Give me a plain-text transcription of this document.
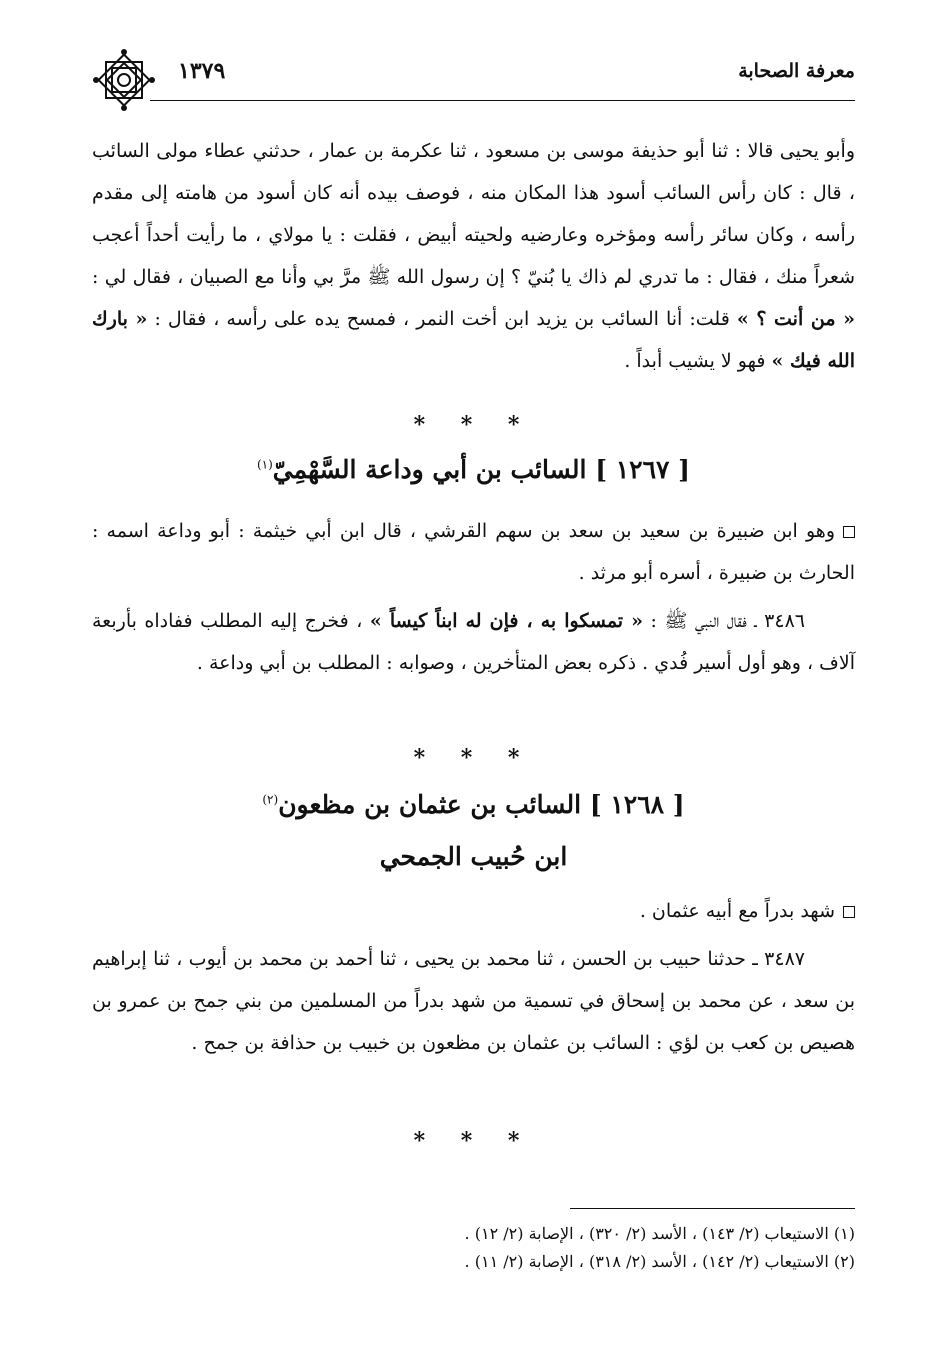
معرفة الصحابة
١٣٧٩

وأبو يحيى قالا : ثنا أبو حذيفة موسى بن مسعود ، ثنا عكرمة بن عمار ، حدثني عطاء مولى السائب ، قال : كان رأس السائب أسود هذا المكان منه ، فوصف بيده أنه كان أسود من هامته إلى مقدم رأسه ، وكان سائر رأسه ومؤخره وعارضيه ولحيته أبيض ، فقلت : يا مولاي ، ما رأيت أحداً أعجب شعراً منك ، فقال : ما تدري لم ذاك يا بُنيّ ؟ إن رسول الله ﷺ مرَّ بي وأنا مع الصبيان ، فقال لي : « من أنت ؟ » قلت: أنا السائب بن يزيد ابن أخت النمر ، فمسح يده على رأسه ، فقال : « بارك الله فيك » فهو لا يشيب أبداً .

* * *
[ ١٢٦٧ ] السائب بن أبي وداعة السَّهْمِيّ$^{(١)}$

وهو ابن ضبيرة بن سعيد بن سعد بن سهم القرشي ، قال ابن أبي خيثمة : أبو وداعة اسمه : الحارث بن ضبيرة ، أسره أبو مرثد .

٣٤٨٦ ـ فقال النبي ﷺ : « تمسكوا به ، فإن له ابناً كيساً » ، فخرج إليه المطلب ففاداه بأربعة آلاف ، وهو أول أسير فُدي . ذكره بعض المتأخرين ، وصوابه : المطلب بن أبي وداعة .

* * *
[ ١٢٦٨ ] السائب بن عثمان بن مظعون$^{(٢)}$
ابن حُبيب الجمحي

شهد بدراً مع أبيه عثمان .

٣٤٨٧ ـ حدثنا حبيب بن الحسن ، ثنا محمد بن يحيى ، ثنا أحمد بن محمد بن أيوب ، ثنا إبراهيم بن سعد ، عن محمد بن إسحاق في تسمية من شهد بدراً من المسلمين من بني جمح بن عمرو بن هصيص بن كعب بن لؤي : السائب بن عثمان بن مظعون بن خبيب بن حذافة بن جمح .

* * *

(١) الاستيعاب (٢/ ١٤٣) ، الأسد (٢/ ٣٢٠) ، الإصابة (٢/ ١٢) .

(٢) الاستيعاب (٢/ ١٤٢) ، الأسد (٢/ ٣١٨) ، الإصابة (٢/ ١١) .
